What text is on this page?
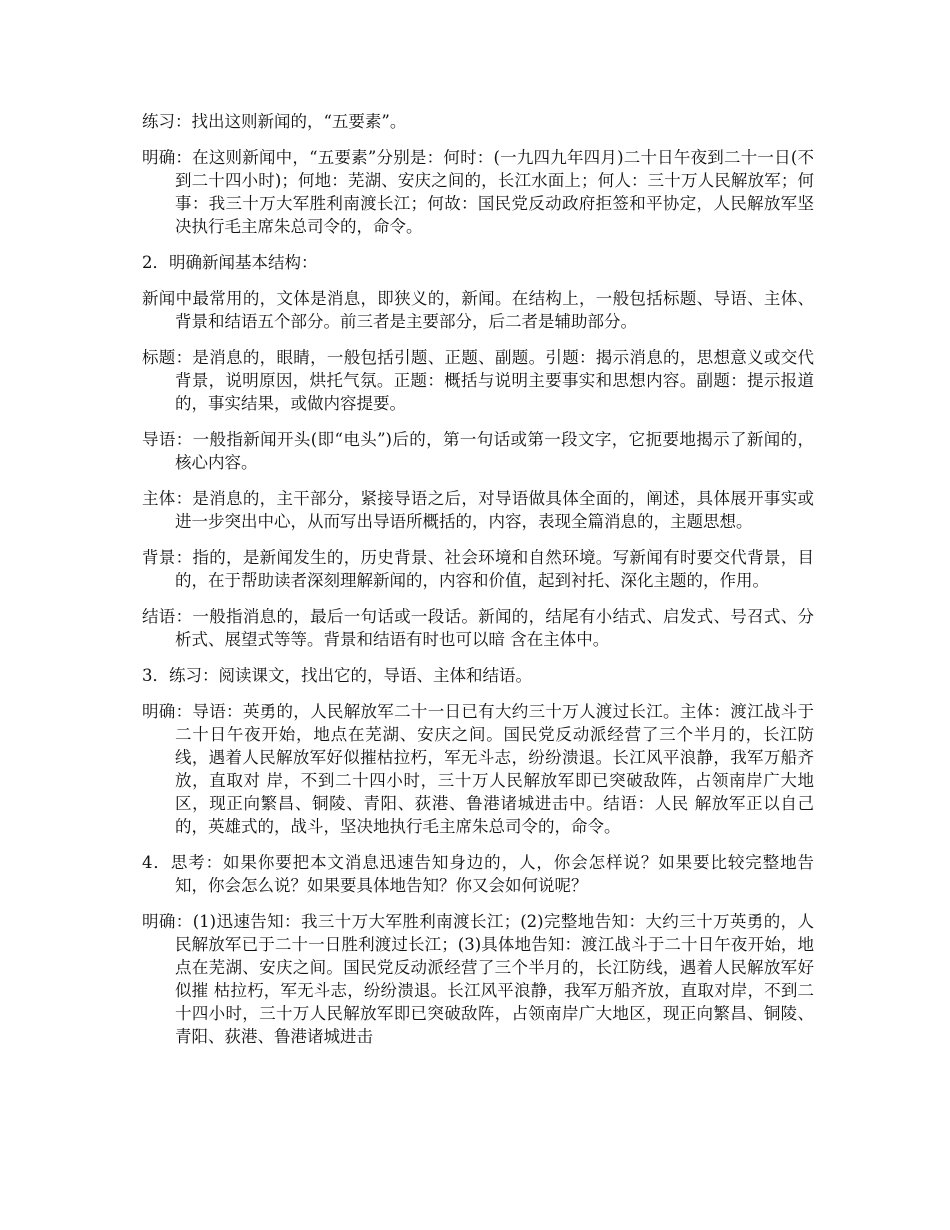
练习：找出这则新闻的，“五要素”。

明确：在这则新闻中，“五要素”分别是：何时：(一九四九年四月)二十日午夜到二十一日(不到二十四小时)；何地：芜湖、安庆之间的，长江水面上；何人：三十万人民解放军；何事：我三十万大军胜利南渡长江；何故：国民党反动政府拒签和平协定，人民解放军坚决执行毛主席朱总司令的，命令。

2．明确新闻基本结构：

新闻中最常用的，文体是消息，即狭义的，新闻。在结构上，一般包括标题、导语、主体、背景和结语五个部分。前三者是主要部分，后二者是辅助部分。

标题：是消息的，眼睛，一般包括引题、正题、副题。引题：揭示消息的，思想意义或交代背景，说明原因，烘托气氛。正题：概括与说明主要事实和思想内容。副题：提示报道的，事实结果，或做内容提要。

导语：一般指新闻开头(即“电头”)后的，第一句话或第一段文字，它扼要地揭示了新闻的，核心内容。

主体：是消息的，主干部分，紧接导语之后，对导语做具体全面的，阐述，具体展开事实或进一步突出中心，从而写出导语所概括的，内容，表现全篇消息的，主题思想。

背景：指的，是新闻发生的，历史背景、社会环境和自然环境。写新闻有时要交代背景，目的，在于帮助读者深刻理解新闻的，内容和价值，起到衬托、深化主题的，作用。

结语：一般指消息的，最后一句话或一段话。新闻的，结尾有小结式、启发式、号召式、分析式、展望式等等。背景和结语有时也可以暗 含在主体中。

3．练习：阅读课文，找出它的，导语、主体和结语。

明确：导语：英勇的，人民解放军二十一日已有大约三十万人渡过长江。主体：渡江战斗于二十日午夜开始，地点在芜湖、安庆之间。国民党反动派经营了三个半月的，长江防线，遇着人民解放军好似摧枯拉朽，军无斗志，纷纷溃退。长江风平浪静，我军万船齐放，直取对 岸，不到二十四小时，三十万人民解放军即已突破敌阵，占领南岸广大地区，现正向繁昌、铜陵、青阳、荻港、鲁港诸城进击中。结语：人民 解放军正以自己的，英雄式的，战斗，坚决地执行毛主席朱总司令的，命令。

4．思考：如果你要把本文消息迅速告知身边的，人，你会怎样说？如果要比较完整地告 知，你会怎么说？如果要具体地告知？你又会如何说呢？

明确：(1)迅速告知：我三十万大军胜利南渡长江；(2)完整地告知：大约三十万英勇的，人民解放军已于二十一日胜利渡过长江；(3)具体地告知：渡江战斗于二十日午夜开始，地点在芜湖、安庆之间。国民党反动派经营了三个半月的，长江防线，遇着人民解放军好似摧 枯拉朽，军无斗志，纷纷溃退。长江风平浪静，我军万船齐放，直取对岸，不到二十四小时，三十万人民解放军即已突破敌阵，占领南岸广大地区，现正向繁昌、铜陵、青阳、荻港、鲁港诸城进击
